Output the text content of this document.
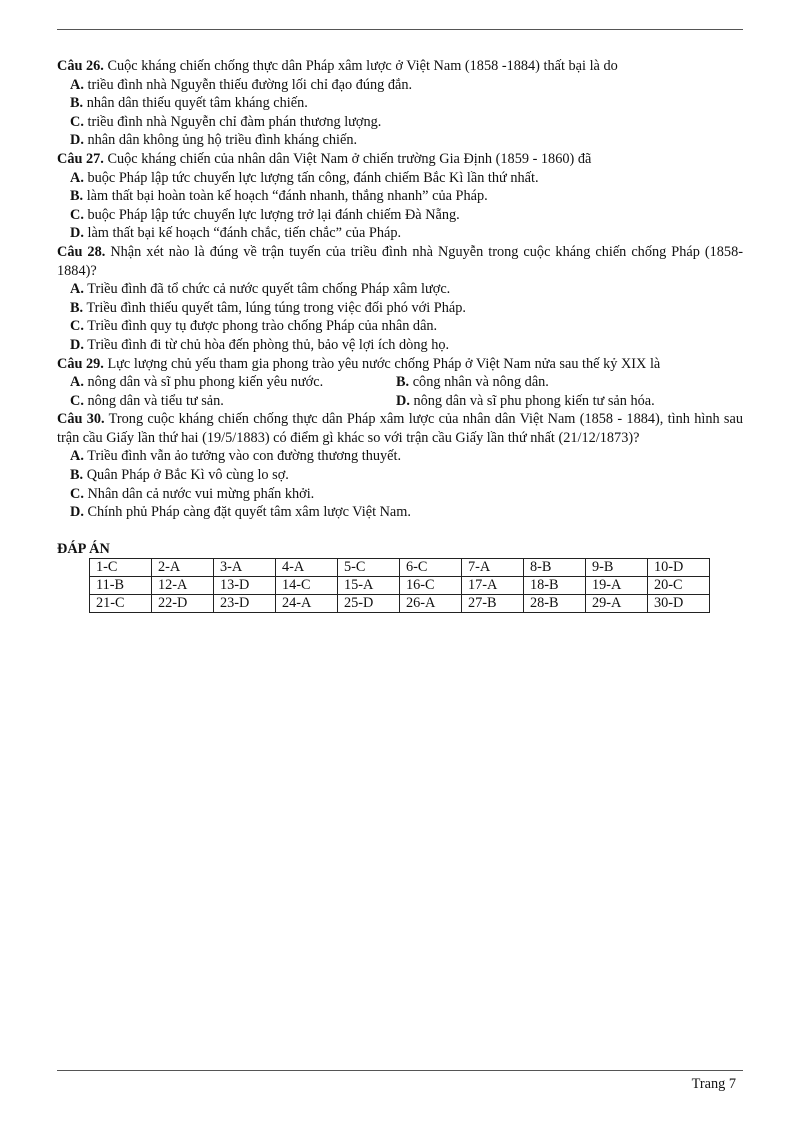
Câu 26. Cuộc kháng chiến chống thực dân Pháp xâm lược ở Việt Nam (1858 -1884) thất bại là do
A. triều đình nhà Nguyễn thiếu đường lối chỉ đạo đúng đắn.
B. nhân dân thiếu quyết tâm kháng chiến.
C. triều đình nhà Nguyễn chỉ đàm phán thương lượng.
D. nhân dân không ủng hộ triều đình kháng chiến.
Câu 27. Cuộc kháng chiến của nhân dân Việt Nam ở chiến trường Gia Định (1859 - 1860) đã
A. buộc Pháp lập tức chuyển lực lượng tấn công, đánh chiếm Bắc Kì lần thứ nhất.
B. làm thất bại hoàn toàn kế hoạch “đánh nhanh, thắng nhanh” của Pháp.
C. buộc Pháp lập tức chuyển lực lượng trở lại đánh chiếm Đà Nẵng.
D. làm thất bại kế hoạch “đánh chắc, tiến chắc” của Pháp.
Câu 28. Nhận xét nào là đúng về trận tuyến của triều đình nhà Nguyễn trong cuộc kháng chiến chống Pháp (1858- 1884)?
A. Triều đình đã tổ chức cả nước quyết tâm chống Pháp xâm lược.
B. Triều đình thiếu quyết tâm, lúng túng trong việc đối phó với Pháp.
C. Triều đình quy tụ được phong trào chống Pháp của nhân dân.
D. Triều đình đi từ chủ hòa đến phòng thủ, bảo vệ lợi ích dòng họ.
Câu 29. Lực lượng chủ yếu tham gia phong trào yêu nước chống Pháp ở Việt Nam nửa sau thế kỷ XIX là
A. nông dân và sĩ phu phong kiến yêu nước.	B. công nhân và nông dân.
C. nông dân và tiểu tư sản.	D. nông dân và sĩ phu phong kiến tư sản hóa.
Câu 30. Trong cuộc kháng chiến chống thực dân Pháp xâm lược của nhân dân Việt Nam (1858 - 1884), tình hình sau trận cầu Giấy lần thứ hai (19/5/1883) có điểm gì khác so với trận cầu Giấy lần thứ nhất (21/12/1873)?
A. Triều đình vẫn ảo tưởng vào con đường thương thuyết.
B. Quân Pháp ở Bắc Kì vô cùng lo sợ.
C. Nhân dân cả nước vui mừng phấn khởi.
D. Chính phủ Pháp càng đặt quyết tâm xâm lược Việt Nam.
ĐÁP ÁN
1-C	2-A	3-A	4-A	5-C	6-C	7-A	8-B	9-B	10-D
11-B	12-A	13-D	14-C	15-A	16-C	17-A	18-B	19-A	20-C
21-C	22-D	23-D	24-A	25-D	26-A	27-B	28-B	29-A	30-D
Trang 7
